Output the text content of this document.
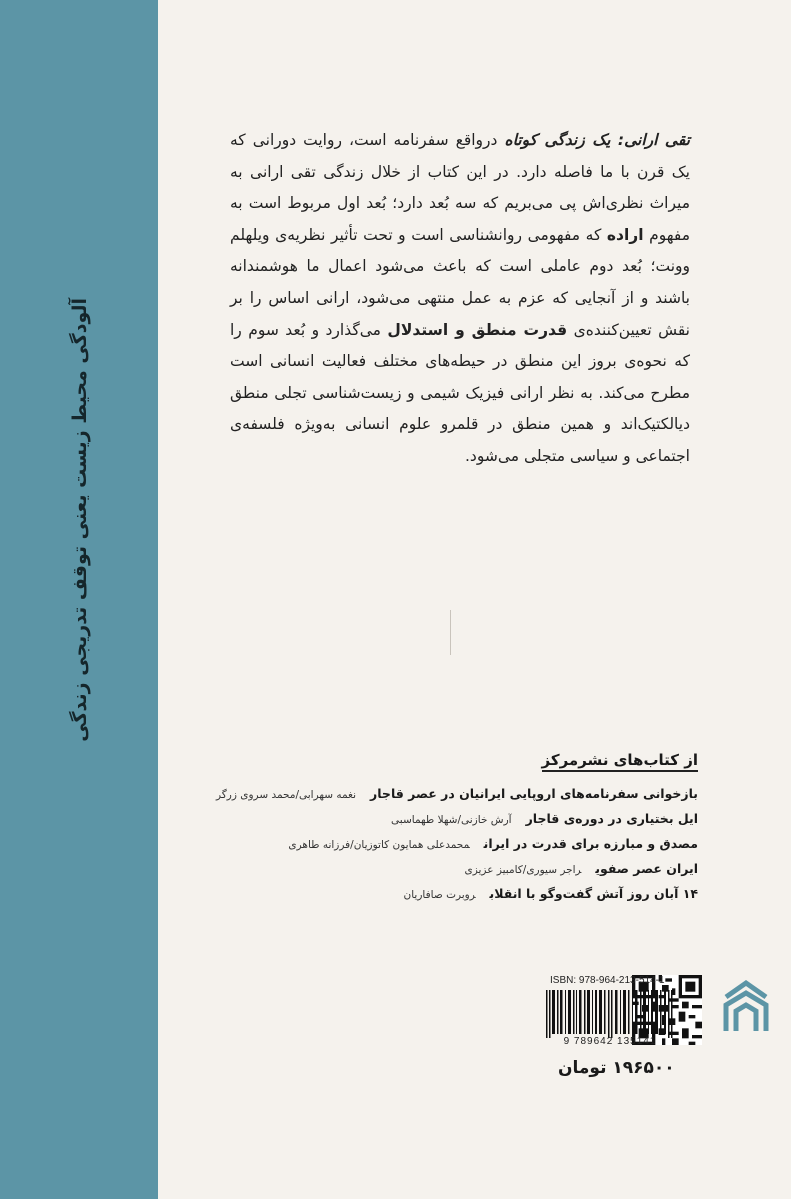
آلودگی محیط زیست یعنی توقف تدریجی زندگی

تقی ارانی: یک زندگی کوتاه درواقع سفرنامه است، روایت دورانی که یک قرن با ما فاصله دارد. در این کتاب از خلال زندگی تقی ارانی به میراث نظری‌اش پی می‌بریم که سه بُعد دارد؛ بُعد اول مربوط است به مفهوم اراده که مفهومی روانشناسی است و تحت تأثیر نظریه‌ی ویلهلم وونت؛ بُعد دوم عاملی است که باعث می‌شود اعمال ما هوشمندانه باشند و از آنجایی که عزم به عمل منتهی می‌شود، ارانی اساس را بر نقش تعیین‌کننده‌ی قدرت منطق و استدلال می‌گذارد و بُعد سوم را که نحوه‌ی بروز این منطق در حیطه‌های مختلف فعالیت انسانی است مطرح می‌کند. به نظر ارانی فیزیک شیمی و زیست‌شناسی تجلی منطق دیالکتیک‌اند و همین منطق در قلمرو علوم انسانی به‌ویژه فلسفه‌ی اجتماعی و سیاسی متجلی می‌شود.

از کتاب‌های نشرمرکز
بازخوانی سفرنامه‌های اروپایی ایرانیان در عصر قاجارنغمه سهرابی/محمد سروی زرگر
ایل بختیاری در دوره‌ی قاجارآرش خازنی/شهلا طهماسبی
مصدق و مبارزه برای قدرت در ایرانمحمدعلی همایون کاتوزیان/فرزانه طاهری
ایران عصر صفویراجر سیوری/کامبیز عزیزی
۱۴ آبان روز آتش گفت‌وگو با انقلابروبرت صافاریان
ISBN: 978-964-213-514-1
9 789642 135141
۱۹۶۵۰۰ تومان
